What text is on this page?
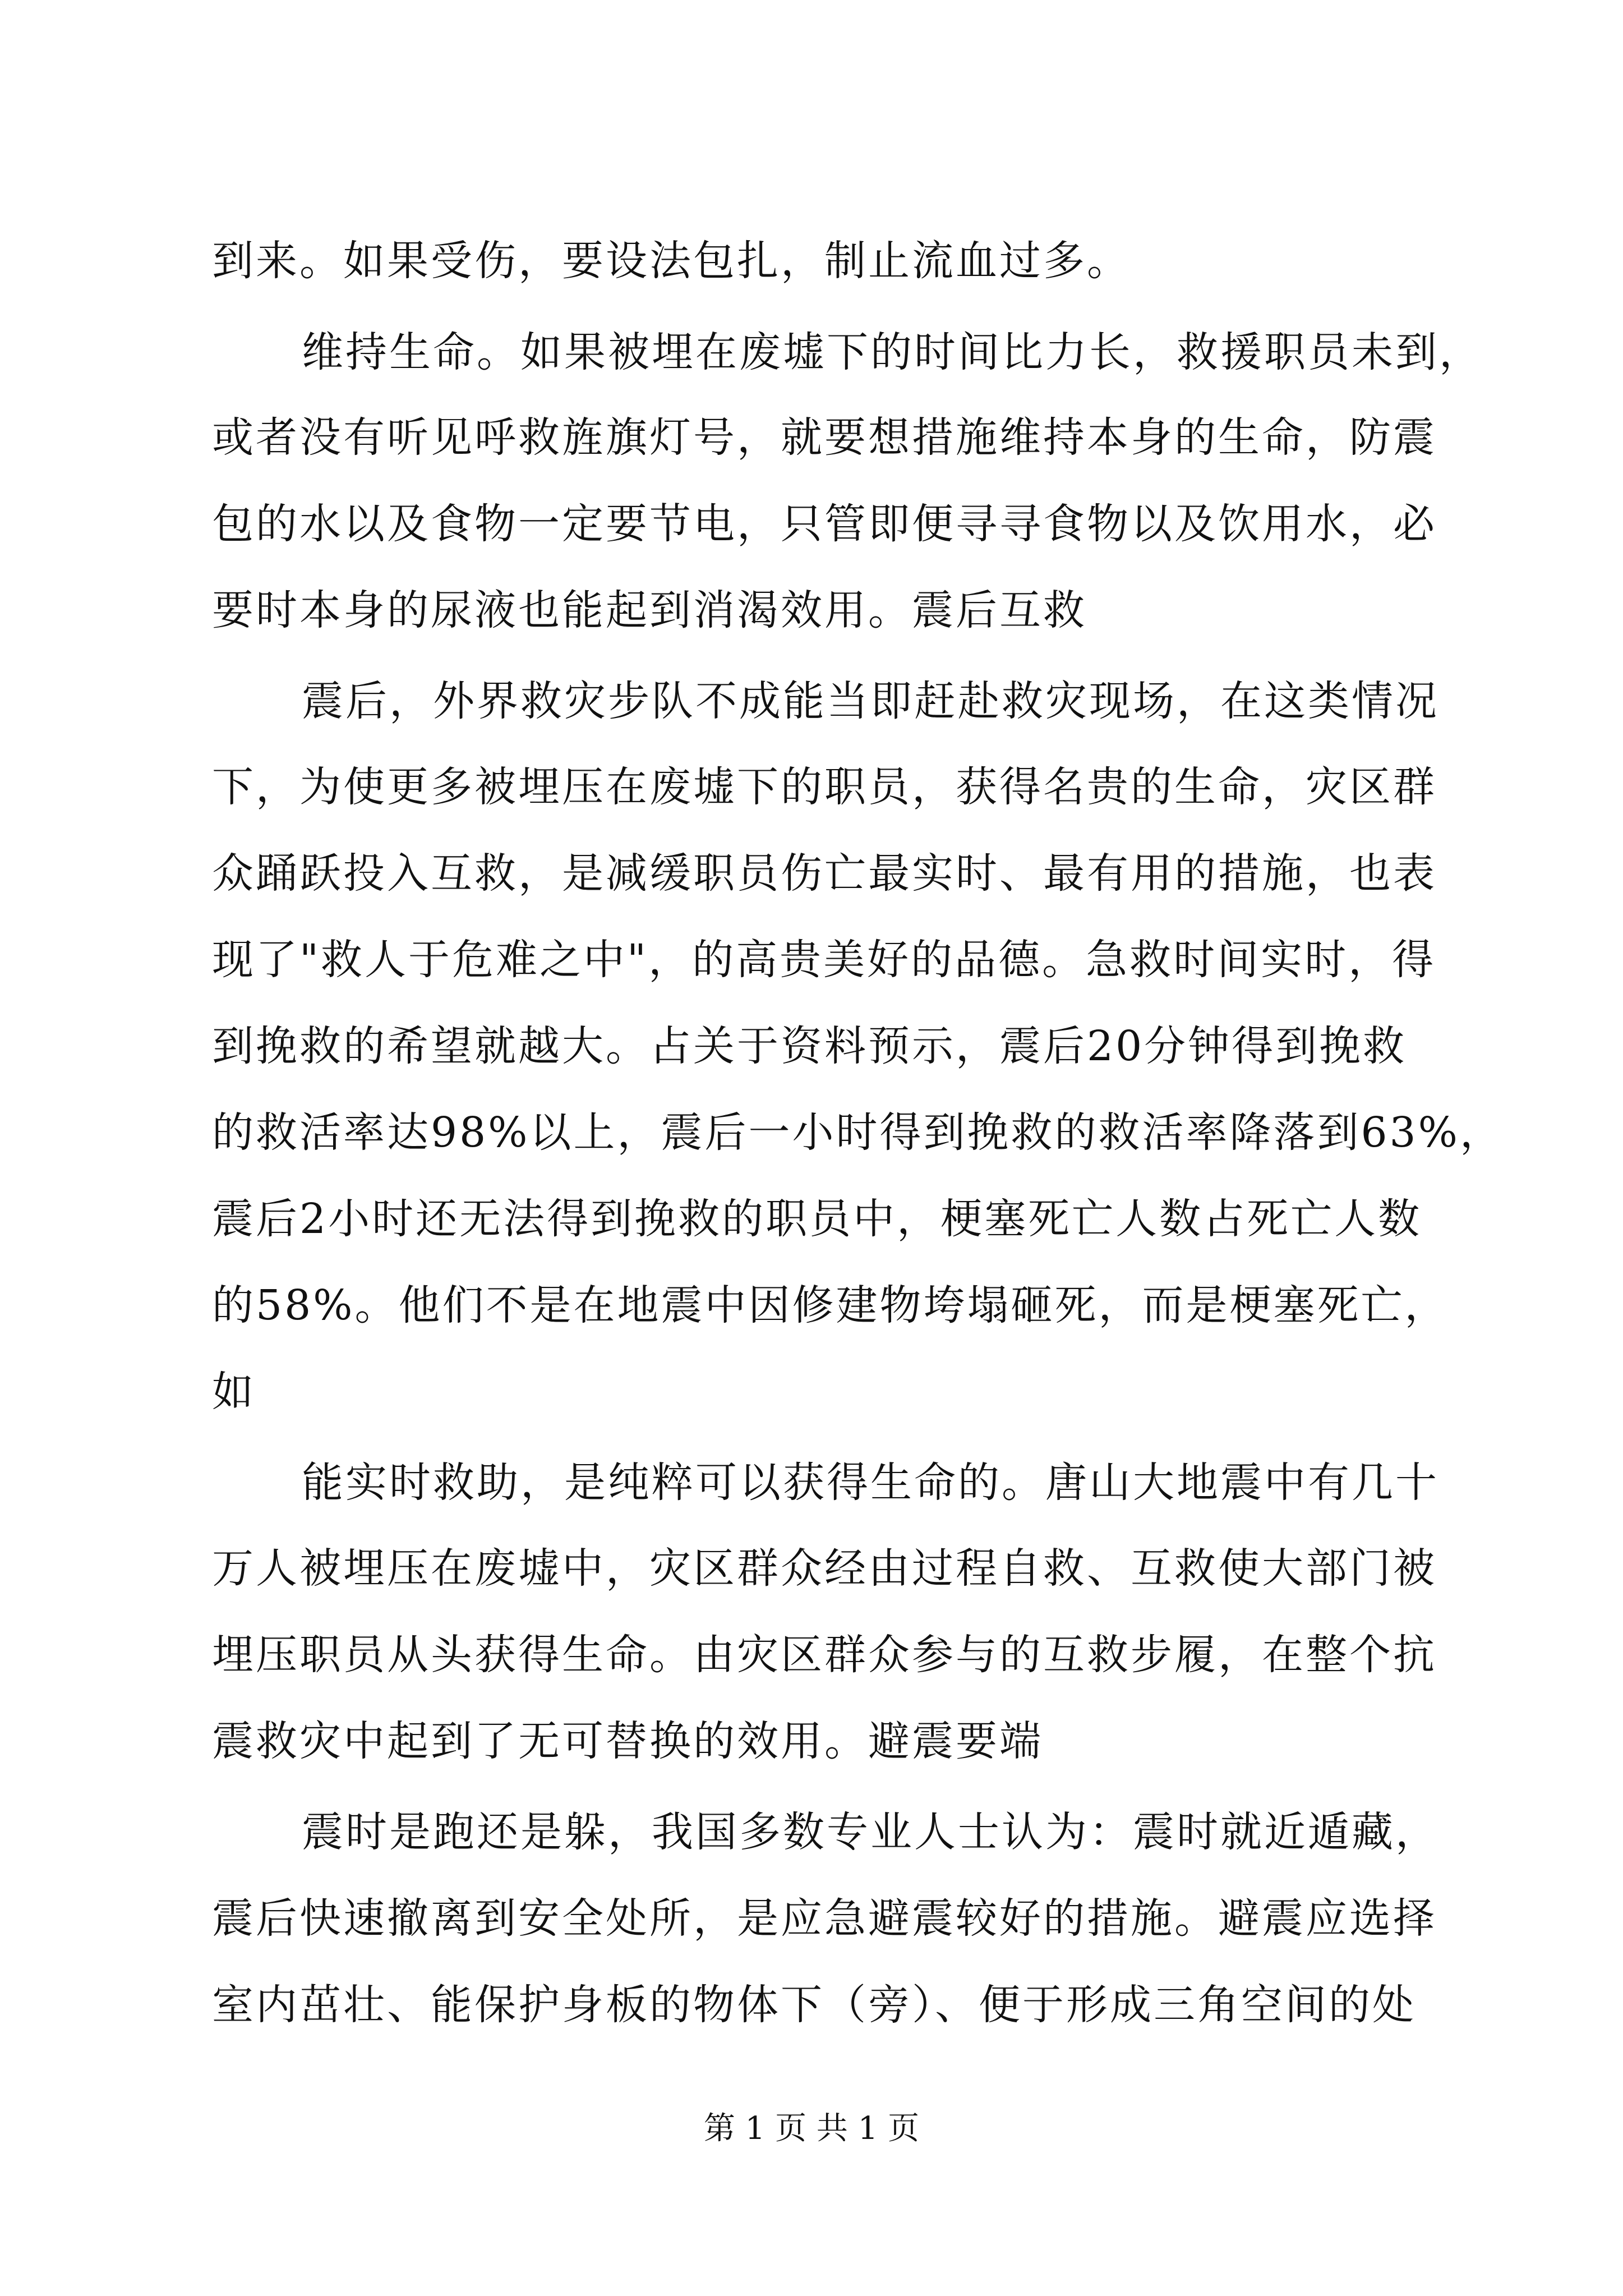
到来。如果受伤，要设法包扎，制止流血过多。
维持生命。如果被埋在废墟下的时间比力长，救援职员未到，
或者没有听见呼救旌旗灯号，就要想措施维持本身的生命，防震
包的水以及食物一定要节电，只管即便寻寻食物以及饮用水，必
要时本身的尿液也能起到消渴效用。震后互救
震后，外界救灾步队不成能当即赶赴救灾现场，在这类情况
下，为使更多被埋压在废墟下的职员，获得名贵的生命，灾区群
众踊跃投入互救，是减缓职员伤亡最实时、最有用的措施，也表
现了"救人于危难之中"，的高贵美好的品德。急救时间实时，得
到挽救的希望就越大。占关于资料预示，震后20分钟得到挽救
的救活率达98%以上，震后一小时得到挽救的救活率降落到63%，
震后2小时还无法得到挽救的职员中，梗塞死亡人数占死亡人数
的58%。他们不是在地震中因修建物垮塌砸死，而是梗塞死亡，
如
能实时救助，是纯粹可以获得生命的。唐山大地震中有几十
万人被埋压在废墟中，灾区群众经由过程自救、互救使大部门被
埋压职员从头获得生命。由灾区群众参与的互救步履，在整个抗
震救灾中起到了无可替换的效用。避震要端
震时是跑还是躲，我国多数专业人士认为：震时就近遁藏，
震后快速撤离到安全处所，是应急避震较好的措施。避震应选择
室内茁壮、能保护身板的物体下（旁）、便于形成三角空间的处
第 1 页 共 1 页
